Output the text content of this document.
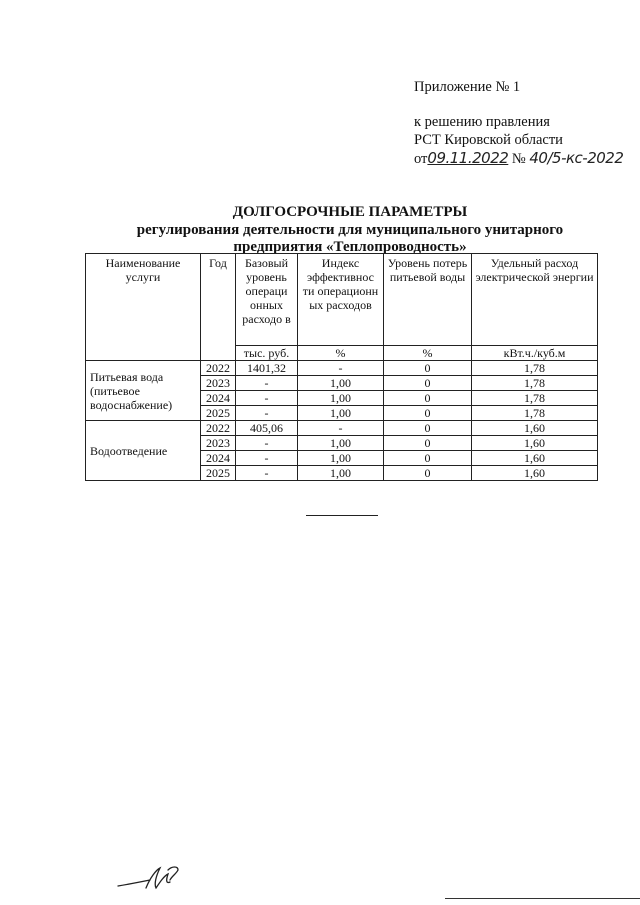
Приложение № 1
к решению правления
РСТ Кировской области
от09.11.2022 № 40/5-кс-2022
ДОЛГОСРОЧНЫЕ ПАРАМЕТРЫ
регулирования деятельности для муниципального унитарного
предприятия «Теплопроводность»
Наименование услуги	Год	Базовый уровень операци онных расходо в	Индекс эффективнос ти операционн ых расходов	Уровень потерь питьевой воды	Удельный расход электрической энергии
		тыс. руб.	%	%	кВт.ч./куб.м
Питьевая вода (питьевое водоснабжение)	2022	1401,32	-	0	1,78
	2023	-	1,00	0	1,78
	2024	-	1,00	0	1,78
	2025	-	1,00	0	1,78
Водоотведение	2022	405,06	-	0	1,60
	2023	-	1,00	0	1,60
	2024	-	1,00	0	1,60
	2025	-	1,00	0	1,60
